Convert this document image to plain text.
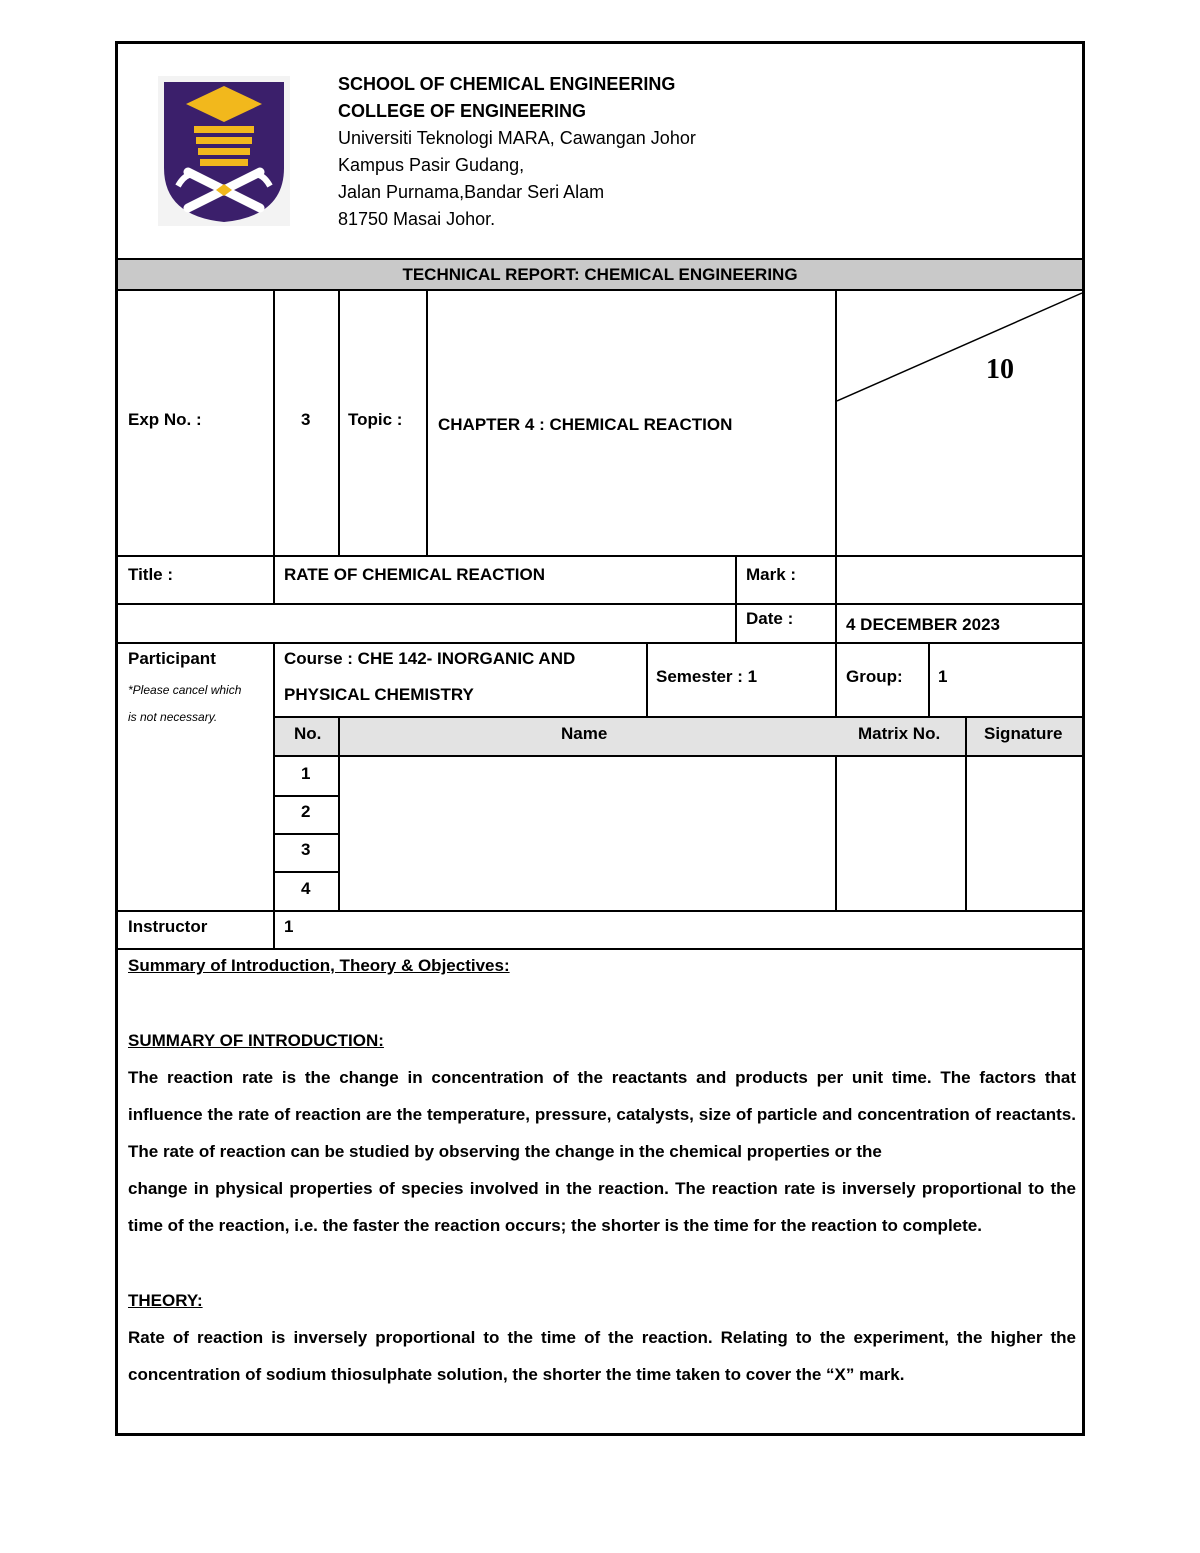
SCHOOL OF CHEMICAL ENGINEERING
COLLEGE OF ENGINEERING
Universiti Teknologi MARA, Cawangan Johor
Kampus Pasir Gudang,
Jalan Purnama,Bandar Seri Alam
81750 Masai Johor.
TECHNICAL REPORT: CHEMICAL ENGINEERING
Exp No. :	3 Topic : CHAPTER 4 : CHEMICAL REACTION
10
Title :	RATE OF CHEMICAL REACTION	Mark :
Date :	4 DECEMBER 2023
Participant
*Please cancel which
is not necessary.
Course : CHE 142- INORGANIC AND
PHYSICAL CHEMISTRY
Semester : 1	Group: 1
No.	Name	Matrix No.	Signature
1
2
3
4
Instructor	1
Summary of Introduction, Theory & Objectives:
SUMMARY OF INTRODUCTION:

The reaction rate is the change in concentration of the reactants and products per unit time. The factors that influence the rate of reaction are the temperature, pressure, catalysts, size of particle and concentration of reactants. The rate of reaction can be studied by observing the change in the chemical properties or the

change in physical properties of species involved in the reaction. The reaction rate is inversely proportional to the time of the reaction, i.e. the faster the reaction occurs; the shorter is the time for the reaction to complete.

THEORY:
Rate of reaction is inversely proportional to the time of the reaction. Relating to the experiment, the higher the concentration of sodium thiosulphate solution, the shorter the time taken to cover the “X” mark.
